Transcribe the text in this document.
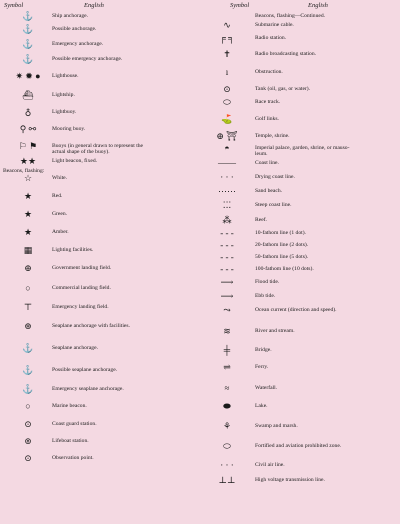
Symbol	English
⚓	Ship anchorage.
⚓	Possible anchorage.
⚓	Emergency anchorage.
⚓	Possible emergency anchorage.
✷ ✹ ●	Lighthouse.
⛴	Lightship.
♁	Lightbuoy.
⚲ ⚯	Mooring buoy.
⚐ ⚑	Buoys (in general drawn to represent the
actual shape of the buoy).
★★	Light beacon, fixed.
Beacons, flashing:
☆	White.
★	Red.
★	Green.
★	Amber.
▦	Lighting facilities.
⊕	Government landing field.
○	Commercial landing field.
⊤	Emergency landing field.
⊛	Seaplane anchorage with facilities.
⚓	Seaplane anchorage.
⚓	Possible seaplane anchorage.
⚓	Emergency seaplane anchorage.
○	Marine beacon.
⊙	Coast guard station.
⊚	Lifeboat station.
⊙	Observation point.
Symbol	English
Beacons, flashing—Continued.
∿	Submarine cable.
╒ ╕	Radio station.
✝	Radio broadcasting station.
ı	Obstruction.
⊙	Tank (oil, gas, or water).
⬭	Race track.
⛳	Golf links.
⊕ ⛩	Temple, shrine.
◓	Imperial palace, garden, shrine, or mauso-
leum.
——	Coast line.
· · ·	Drying coast line.
⋯⋯	Sand beach.
⁚⁚⁚	Steep coast line.
⁂	Reef.
- - -	10-fathom line (1 dot).
- - -	20-fathom line (2 dots).
- - -	50-fathom line (5 dots).
- - -	100-fathom line (10 dots).
⟶	Flood tide.
⟶	Ebb tide.
⤳	Ocean current (direction and speed).
≋	River and stream.
╪	Bridge.
⇌	Ferry.
≈	Waterfall.
⬬	Lake.
⚘	Swamp and marsh.
⬭	Fortified and aviation prohibited zone.
· · ·	Civil air line.
⊥⊥	High voltage transmission line.
